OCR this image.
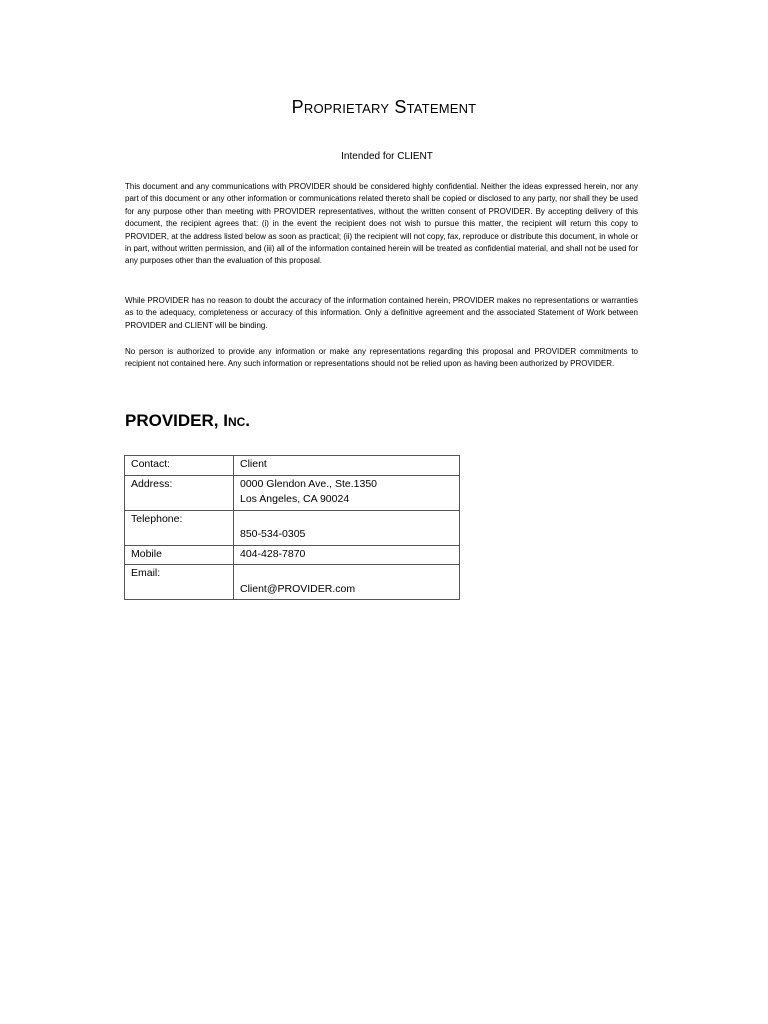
Proprietary Statement
Intended for CLIENT

This document and any communications with PROVIDER should be considered highly confidential. Neither the ideas expressed herein, nor any part of this document or any other information or communications related thereto shall be copied or disclosed to any party, nor shall they be used for any purpose other than meeting with PROVIDER representatives, without the written consent of PROVIDER. By accepting delivery of this document, the recipient agrees that: (i) in the event the recipient does not wish to pursue this matter, the recipient will return this copy to PROVIDER, at the address listed below as soon as practical; (ii) the recipient will not copy, fax, reproduce or distribute this document, in whole or in part, without written permission, and (iii) all of the information contained herein will be treated as confidential material, and shall not be used for any purposes other than the evaluation of this proposal.

While PROVIDER has no reason to doubt the accuracy of the information contained herein, PROVIDER makes no representations or warranties as to the adequacy, completeness or accuracy of this information. Only a definitive agreement and the associated Statement of Work between PROVIDER and CLIENT will be binding.

No person is authorized to provide any information or make any representations regarding this proposal and PROVIDER commitments to recipient not contained here. Any such information or representations should not be relied upon as having been authorized by PROVIDER.

PROVIDER, Inc.
Contact:	Client
Address:	0000 Glendon Ave., Ste.1350
Los Angeles, CA 90024

Telephone:	850-534-0305

Mobile	404-428-7870
Email:	Client@PROVIDER.com
